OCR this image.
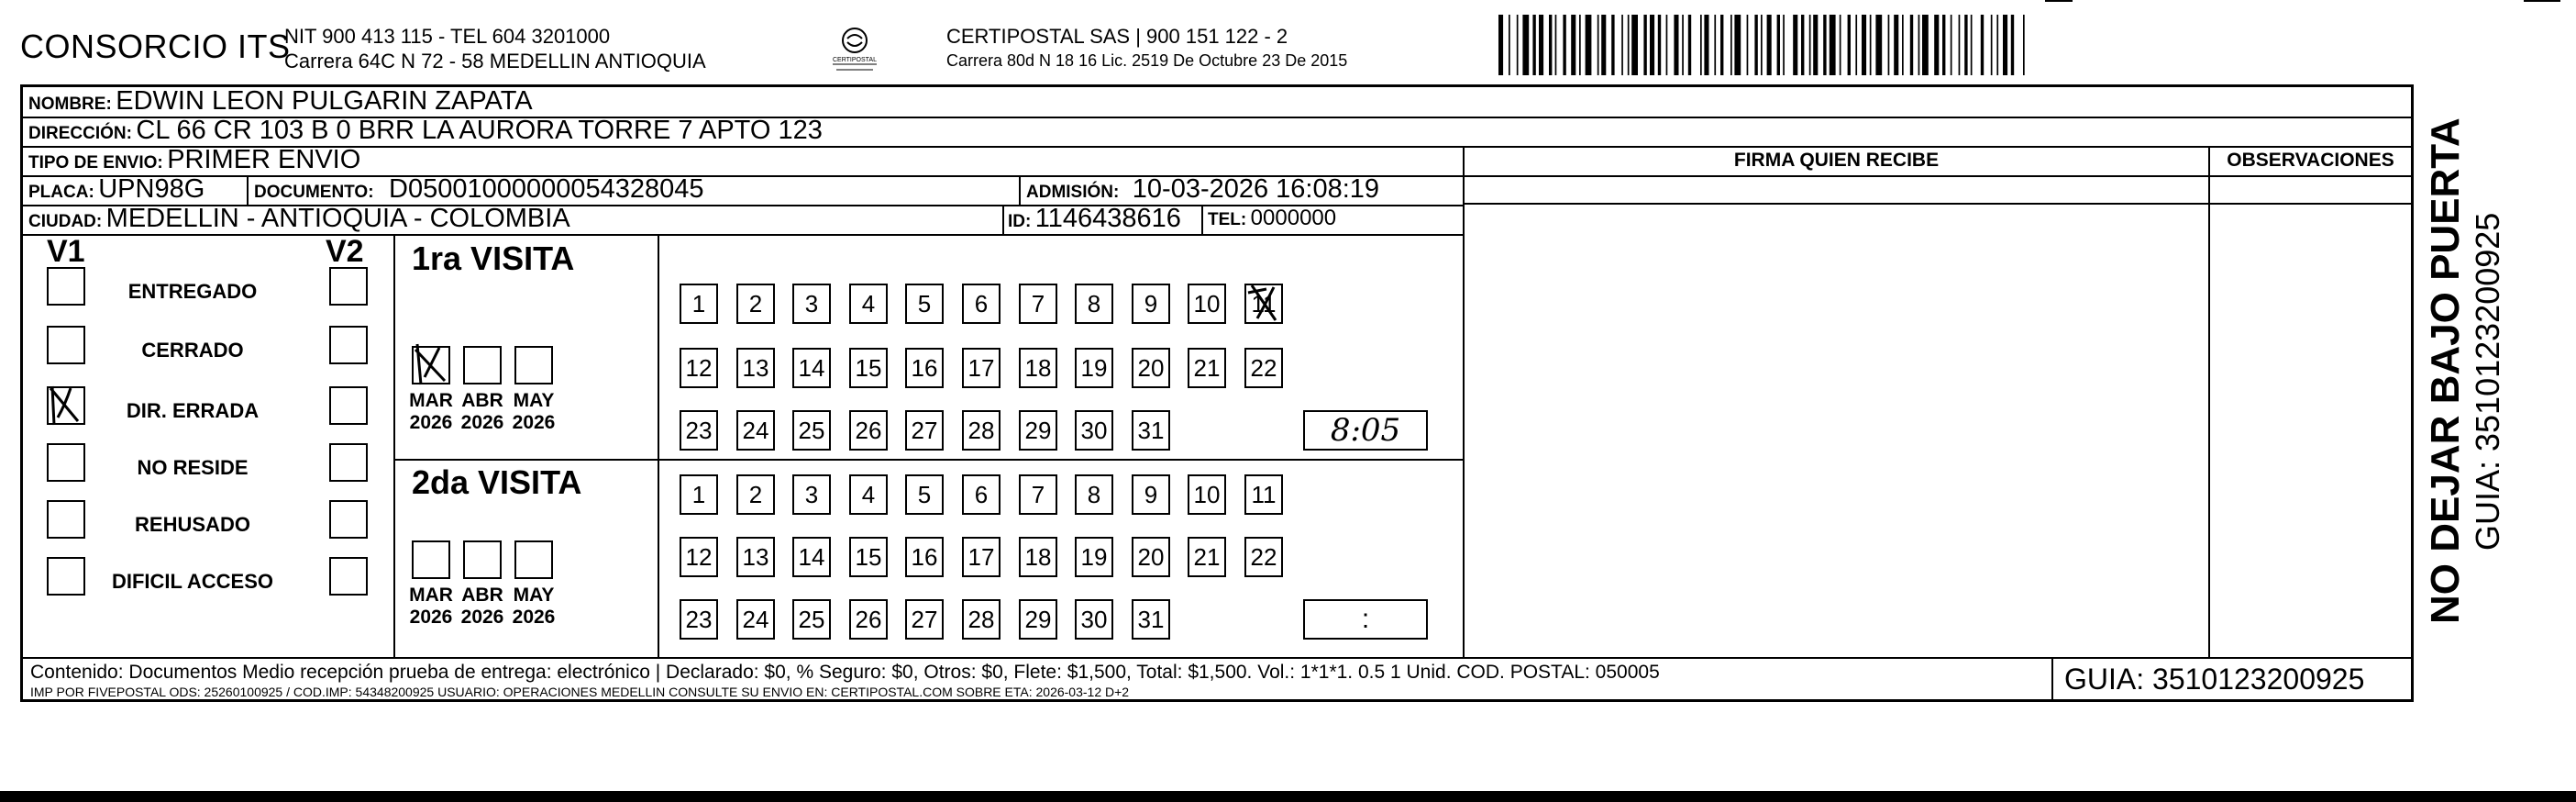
CONSORCIO ITS
NIT 900 413 115 - TEL 604 3201000
Carrera 64C N 72 - 58 MEDELLIN ANTIOQUIA	CERTIPOSTAL
CERTIPOSTAL SAS | 900 151 122 - 2
Carrera 80d N 18 16 Lic. 2519 De Octubre 23 De 2015
NOMBRE: EDWIN LEON PULGARIN ZAPATA
DIRECCIÓN: CL 66 CR 103 B 0 BRR LA AURORA TORRE 7 APTO 123
TIPO DE ENVIO: PRIMER ENVIO
PLACA: UPN98G	DOCUMENTO: D05001000000054328045	ADMISIÓN: 10-03-2026 16:08:19
CIUDAD: MEDELLIN - ANTIOQUIA - COLOMBIA	ID: 1146438616 TEL: 0000000
FIRMA QUIEN RECIBE	OBSERVACIONES
V1	V2
ENTREGADO
CERRADO
DIR. ERRADA
NO RESIDE
REHUSADO
DIFICIL ACCESO
1ra VISITA
2da VISITA
MAR
2026
ABR
2026
MAY
2026
MAR
2026
ABR
2026
MAY
2026
1 2 3 4 5 6 7 8 9 10 11
12 13 14 15 16 17 18 19 20 21 22
23 24 25 26 27 28 29 30 31
1 2 3 4 5 6 7 8 9 10 11
12 13 14 15 16 17 18 19 20 21 22
23 24 25 26 27 28 29 30 31
8:05
:
Contenido: Documentos Medio recepción prueba de entrega: electrónico | Declarado: $0, % Seguro: $0, Otros: $0, Flete: $1,500, Total: $1,500. Vol.: 1*1*1. 0.5 1 Unid. COD. POSTAL: 050005
IMP POR FIVEPOSTAL ODS: 25260100925 / COD.IMP: 54348200925 USUARIO: OPERACIONES MEDELLIN CONSULTE SU ENVIO EN: CERTIPOSTAL.COM SOBRE ETA: 2026-03-12 D+2	GUIA: 3510123200925
NO DEJAR BAJO PUERTA GUIA: 3510123200925
